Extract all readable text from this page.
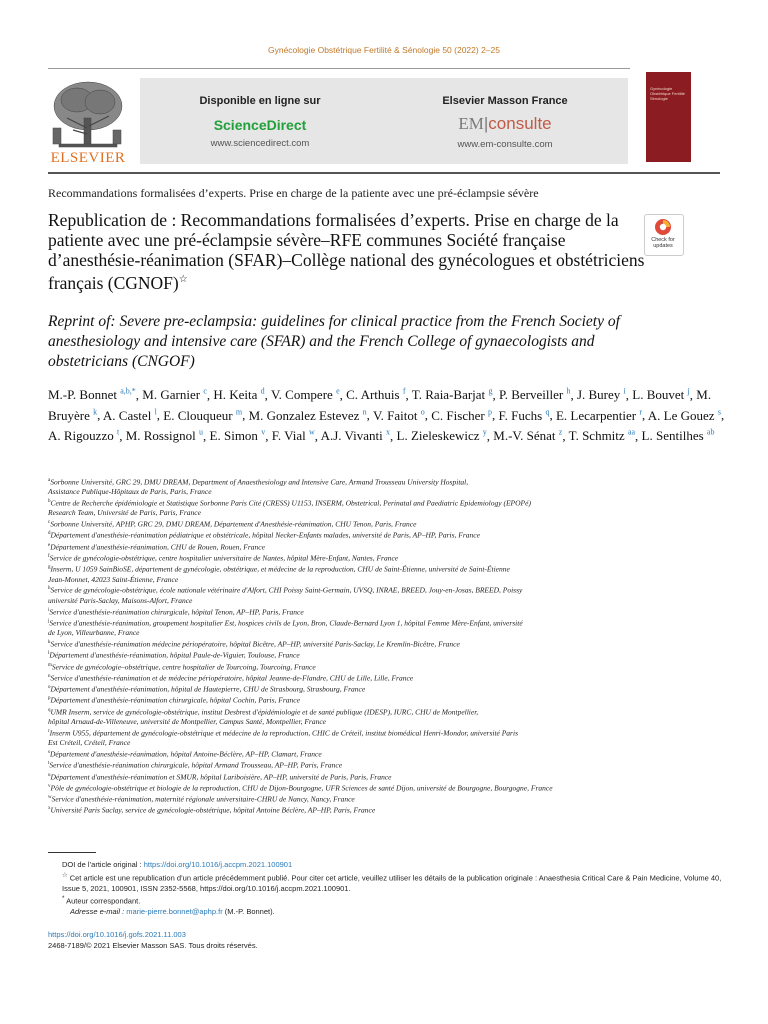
Gynécologie Obstétrique Fertilité & Sénologie 50 (2022) 2–25
ELSEVIER
Disponible en ligne sur
ScienceDirect
www.sciencedirect.com
Elsevier Masson France
EM|consulte
www.em-consulte.com
Gynécologie Obstétrique Fertilité Sénologie
Recommandations formalisées d’experts. Prise en charge de la patiente avec une pré-éclampsie sévère
Republication de : Recommandations formalisées d’experts. Prise en charge de la patiente avec une pré-éclampsie sévère–RFE communes Société française d’anesthésie-réanimation (SFAR)–Collège national des gynécologues et obstétriciens français (CGNOF)☆
Check for updates
Reprint of: Severe pre-eclampsia: guidelines for clinical practice from the French Society of anesthesiology and intensive care (SFAR) and the French College of gynaecologists and obstetricians (CNGOF)
M.-P. Bonnet $^{a,b,*}$, M. Garnier $^c$, H. Keita $^d$, V. Compere $^e$, C. Arthuis $^f$, T. Raia-Barjat $^g$, P. Berveiller $^h$, J. Burey $^i$, L. Bouvet $^j$, M. Bruyère $^k$, A. Castel $^l$, E. Clouqueur $^m$, M. Gonzalez Estevez $^n$, V. Faitot $^o$, C. Fischer $^p$, F. Fuchs $^q$, E. Lecarpentier $^r$, A. Le Gouez $^s$, A. Rigouzzo $^t$, M. Rossignol $^u$, E. Simon $^v$, F. Vial $^w$, A.J. Vivanti $^x$, L. Zieleskewicz $^y$, M.-V. Sénat $^z$, T. Schmitz $^{aa}$, L. Sentilhes $^{ab}$
$^a$Sorbonne Université, GRC 29, DMU DREAM, Department of Anaesthesiology and Intensive Care, Armand Trousseau University Hospital,
Assistance Publique-Hôpitaux de Paris, Paris, France
$^b$Centre de Recherche épidémiologie et Statistique Sorbonne Paris Cité (CRESS) U1153, INSERM, Obstetrical, Perinatal and Paediatric Epidemiology (EPOPé)
Research Team, Université de Paris, Paris, France
$^c$Sorbonne Université, APHP, GRC 29, DMU DREAM, Département d'Anesthésie-réanimation, CHU Tenon, Paris, France
$^d$Département d'anesthésie-réanimation pédiatrique et obstétricale, hôpital Necker-Enfants malades, université de Paris, AP–HP, Paris, France
$^e$Département d'anesthésie-réanimation, CHU de Rouen, Rouen, France
$^f$Service de gynécologie-obstétrique, centre hospitalier universitaire de Nantes, hôpital Mère-Enfant, Nantes, France
$^g$Inserm, U 1059 SainBioSE, département de gynécologie, obstétrique, et médecine de la reproduction, CHU de Saint-Étienne, université de Saint-Étienne
Jean-Monnet, 42023 Saint-Étienne, France
$^h$Service de gynécologie-obstétrique, école nationale vétérinaire d'Alfort, CHI Poissy Saint-Germain, UVSQ, INRAE, BREED, Jouy-en-Josas, BREED, Poissy
université Paris-Saclay, Maisons-Alfort, France
$^i$Service d'anesthésie-réanimation chirurgicale, hôpital Tenon, AP–HP, Paris, France
$^j$Service d'anesthésie-réanimation, groupement hospitalier Est, hospices civils de Lyon, Bron, Claude-Bernard Lyon 1, hôpital Femme Mère-Enfant, université
de Lyon, Villeurbanne, France
$^k$Service d'anesthésie-réanimation médecine périopératoire, hôpital Bicêtre, AP–HP, université Paris-Saclay, Le Kremlin-Bicêtre, France
$^l$Département d'anesthésie-réanimation, hôpital Paule-de-Viguier, Toulouse, France
$^m$Service de gynécologie–obstétrique, centre hospitalier de Tourcoing, Tourcoing, France
$^n$Service d'anesthésie-réanimation et de médecine périopératoire, hôpital Jeanne-de-Flandre, CHU de Lille, Lille, France
$^o$Département d'anesthésie-réanimation, hôpital de Hautepierre, CHU de Strasbourg, Strasbourg, France
$^p$Département d'anesthésie-réanimation chirurgicale, hôpital Cochin, Paris, France
$^q$UMR Inserm, service de gynécologie-obstétrique, institut Desbrest d'épidémiologie et de santé publique (IDESP), IURC, CHU de Montpellier,
hôpital Arnaud-de-Villeneuve, université de Montpellier, Campus Santé, Montpellier, France
$^r$Inserm U955, département de gynécologie-obstétrique et médecine de la reproduction, CHIC de Créteil, institut biomédical Henri-Mondor, université Paris
Est Créteil, Créteil, France
$^s$Département d'anesthésie-réanimation, hôpital Antoine-Béclère, AP–HP, Clamart, France
$^t$Service d'anesthésie-réanimation chirurgicale, hôpital Armand Trousseau, AP–HP, Paris, France
$^u$Département d'anesthésie-réanimation et SMUR, hôpital Lariboisière, AP–HP, université de Paris, Paris, France
$^v$Pôle de gynécologie-obstétrique et biologie de la reproduction, CHU de Dijon-Bourgogne, UFR Sciences de santé Dijon, université de Bourgogne, Bourgogne, France
$^w$Service d'anesthésie-réanimation, maternité régionale universitaire-CHRU de Nancy, Nancy, France
$^x$Université Paris Saclay, service de gynécologie-obstétrique, hôpital Antoine Béclère, AP–HP, Paris, France
DOI de l’article original : https://doi.org/10.1016/j.accpm.2021.100901
☆ Cet article est une republication d’un article précédemment publié. Pour citer cet article, veuillez utiliser les détails de la publication originale : Anaesthesia Critical Care & Pain Medicine, Volume 40, Issue 5, 2021, 100901, ISSN 2352-5568, https://doi.org/10.1016/j.accpm.2021.100901.
* Auteur correspondant.
Adresse e-mail : marie-pierre.bonnet@aphp.fr (M.-P. Bonnet).
https://doi.org/10.1016/j.gofs.2021.11.003
2468-7189/© 2021 Elsevier Masson SAS. Tous droits réservés.
